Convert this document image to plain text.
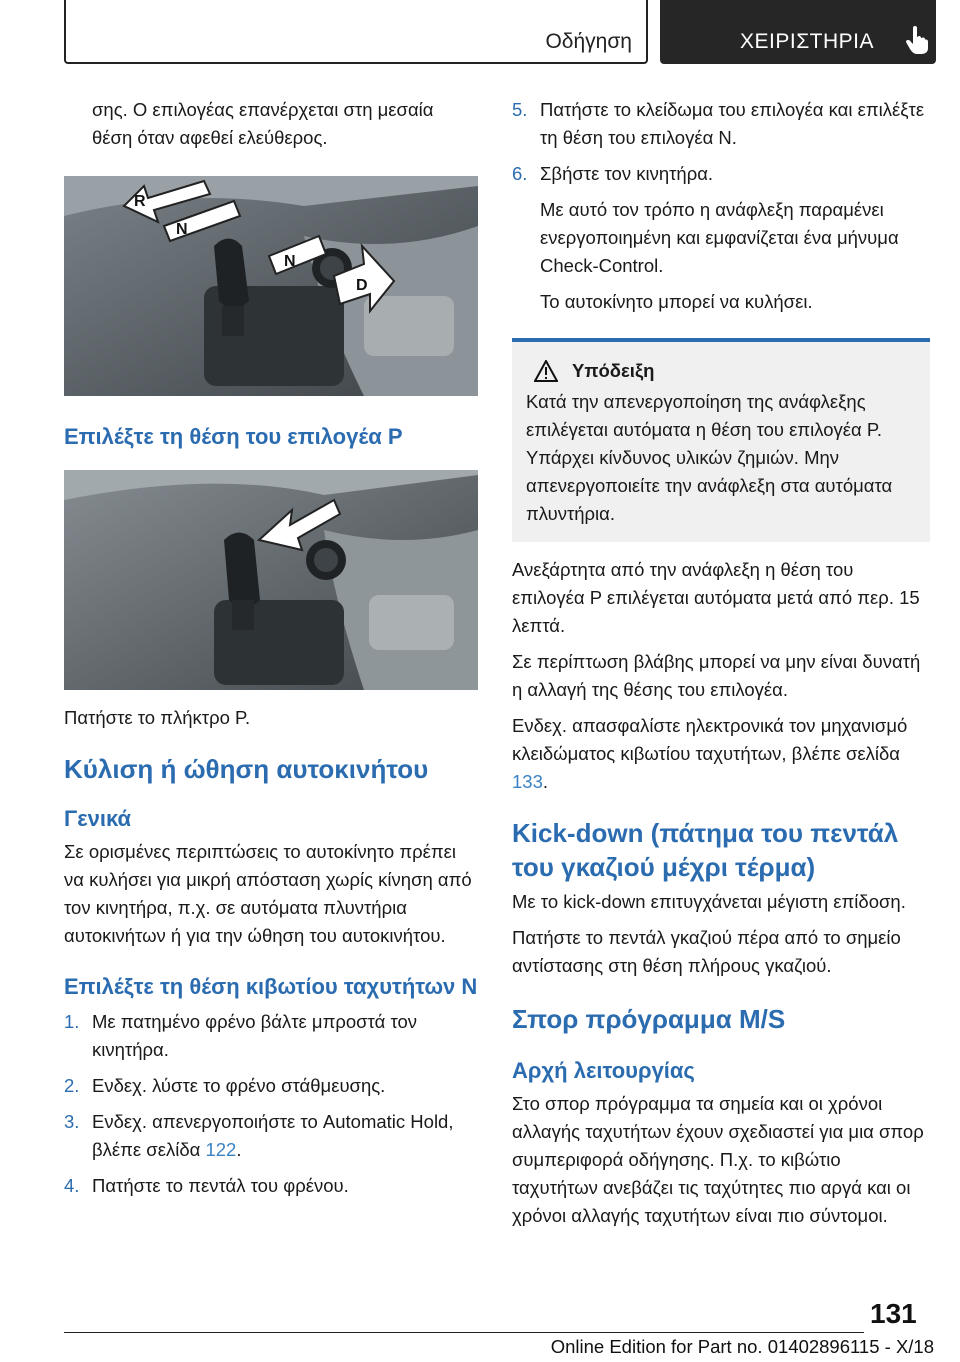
Οδήγηση	ΧΕΙΡΙΣΤΗΡΙΑ

σης. Ο επιλογέας επανέρχεται στη μεσαία θέση όταν αφεθεί ελεύθερος.

R
N
N
D
Επιλέξτε τη θέση του επιλογέα P

Πατήστε το πλήκτρο P.

Κύλιση ή ώθηση αυτοκινήτου
Γενικά

Σε ορισμένες περιπτώσεις το αυτοκίνητο πρέπει να κυλήσει για μικρή απόσταση χωρίς κίνηση από τον κινητήρα, π.χ. σε αυτόματα πλυντήρια αυτοκινήτων ή για την ώθηση του αυτοκινήτου.

Επιλέξτε τη θέση κιβωτίου ταχυτήτων N
1. Με πατημένο φρένο βάλτε μπροστά τον κινητήρα.
2. Ενδεχ. λύστε το φρένο στάθμευσης.
3. Ενδεχ. απενεργοποιήστε το Automatic Hold, βλέπε σελίδα 122.
4. Πατήστε το πεντάλ του φρένου.
5. Πατήστε το κλείδωμα του επιλογέα και επιλέξτε τη θέση του επιλογέα N.
6. Σβήστε τον κινητήρα.

Με αυτό τον τρόπο η ανάφλεξη παραμένει ενεργοποιημένη και εμφανίζεται ένα μήνυμα Check-Control.

Το αυτοκίνητο μπορεί να κυλήσει.

Υπόδειξη

Κατά την απενεργοποίηση της ανάφλεξης επιλέγεται αυτόματα η θέση του επιλογέα P. Υπάρχει κίνδυνος υλικών ζημιών. Μην απενεργοποιείτε την ανάφλεξη στα αυτόματα πλυντήρια.

Ανεξάρτητα από την ανάφλεξη η θέση του επιλογέα P επιλέγεται αυτόματα μετά από περ. 15 λεπτά.

Σε περίπτωση βλάβης μπορεί να μην είναι δυνατή η αλλαγή της θέσης του επιλογέα.

Ενδεχ. απασφαλίστε ηλεκτρονικά τον μηχανισμό κλειδώματος κιβωτίου ταχυτήτων, βλέπε σελίδα 133.

Kick-down (πάτημα του πεντάλ του γκαζιού μέχρι τέρμα)

Με το kick-down επιτυγχάνεται μέγιστη επίδοση.

Πατήστε το πεντάλ γκαζιού πέρα από το σημείο αντίστασης στη θέση πλήρους γκαζιού.

Σπορ πρόγραμμα M/S
Αρχή λειτουργίας

Στο σπορ πρόγραμμα τα σημεία και οι χρόνοι αλλαγής ταχυτήτων έχουν σχεδιαστεί για μια σπορ συμπεριφορά οδήγησης. Π.χ. το κιβώτιο ταχυτήτων ανεβάζει τις ταχύτητες πιο αργά και οι χρόνοι αλλαγής ταχυτήτων είναι πιο σύντομοι.

131
Online Edition for Part no. 01402896115 - X/18
